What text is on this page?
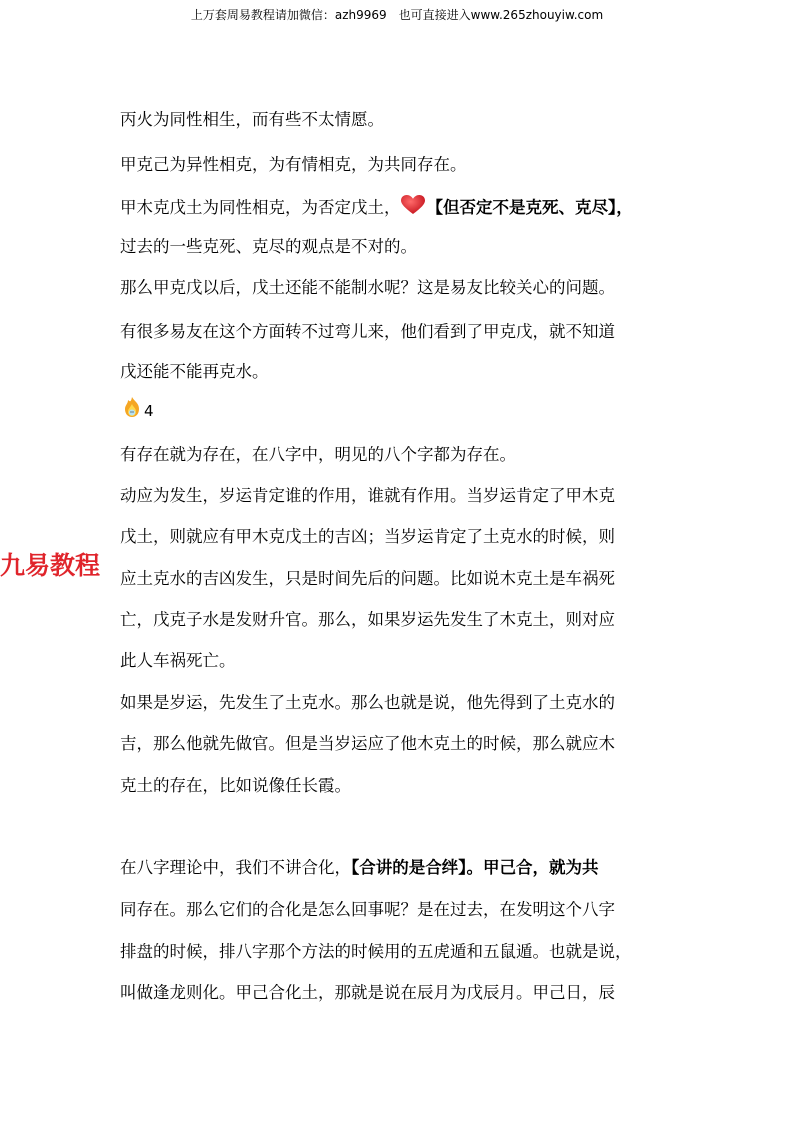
上万套周易教程请加微信：azh9969　也可直接进入www.265zhouyiw.com
九易教程
丙火为同性相生，而有些不太情愿。
甲克己为异性相克，为有情相克，为共同存在。
甲木克戊土为同性相克，为否定戊土， 【但否定不是克死、克尽】，
过去的一些克死、克尽的观点是不对的。
那么甲克戊以后，戊土还能不能制水呢？这是易友比较关心的问题。
有很多易友在这个方面转不过弯儿来，他们看到了甲克戊，就不知道
戊还能不能再克水。
4
有存在就为存在，在八字中，明见的八个字都为存在。
动应为发生，岁运肯定谁的作用，谁就有作用。当岁运肯定了甲木克
戊土，则就应有甲木克戊土的吉凶；当岁运肯定了土克水的时候，则
应土克水的吉凶发生，只是时间先后的问题。比如说木克土是车祸死
亡，戊克子水是发财升官。那么，如果岁运先发生了木克土，则对应
此人车祸死亡。
如果是岁运，先发生了土克水。那么也就是说，他先得到了土克水的
吉，那么他就先做官。但是当岁运应了他木克土的时候，那么就应木
克土的存在，比如说像任长霞。
在八字理论中，我们不讲合化，【合讲的是合绊】。甲己合，就为共
同存在。那么它们的合化是怎么回事呢？是在过去，在发明这个八字
排盘的时候，排八字那个方法的时候用的五虎遁和五鼠遁。也就是说，
叫做逢龙则化。甲己合化土，那就是说在辰月为戊辰月。甲己日，辰
